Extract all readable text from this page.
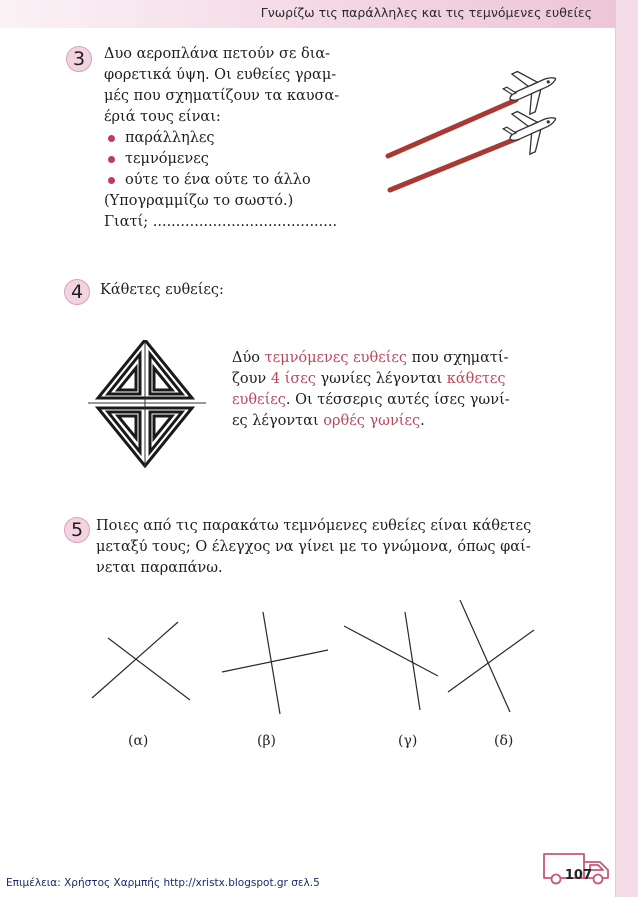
Γνωρίζω τις παράλληλες και τις τεμνόμενες ευθείες
3	Δυο αεροπλάνα πετούν σε δια-
φορετικά ύψη. Οι ευθείες γραμ-
μές που σχηματίζουν τα καυσα-
έριά τους είναι:
παράλληλες
τεμνόμενες
ούτε το ένα ούτε το άλλο
(Υπογραμμίζω το σωστό.)
Γιατί; ........................................
4	Κάθετες ευθείες:
Δύο τεμνόμενες ευθείες που σχηματί-
ζουν 4 ίσες γωνίες λέγονται κάθετες
ευθείες. Οι τέσσερις αυτές ίσες γωνί-
ες λέγονται ορθές γωνίες.
5 Ποιες από τις παρακάτω τεμνόμενες ευθείες είναι κάθετες
μεταξύ τους; Ο έλεγχος να γίνει με το γνώμονα, όπως φαί-
νεται παραπάνω.
(α)	(β)	(γ)	(δ)
107
Επιμέλεια: Χρήστος Χαρμπής http://xristx.blogspot.gr σελ.5
